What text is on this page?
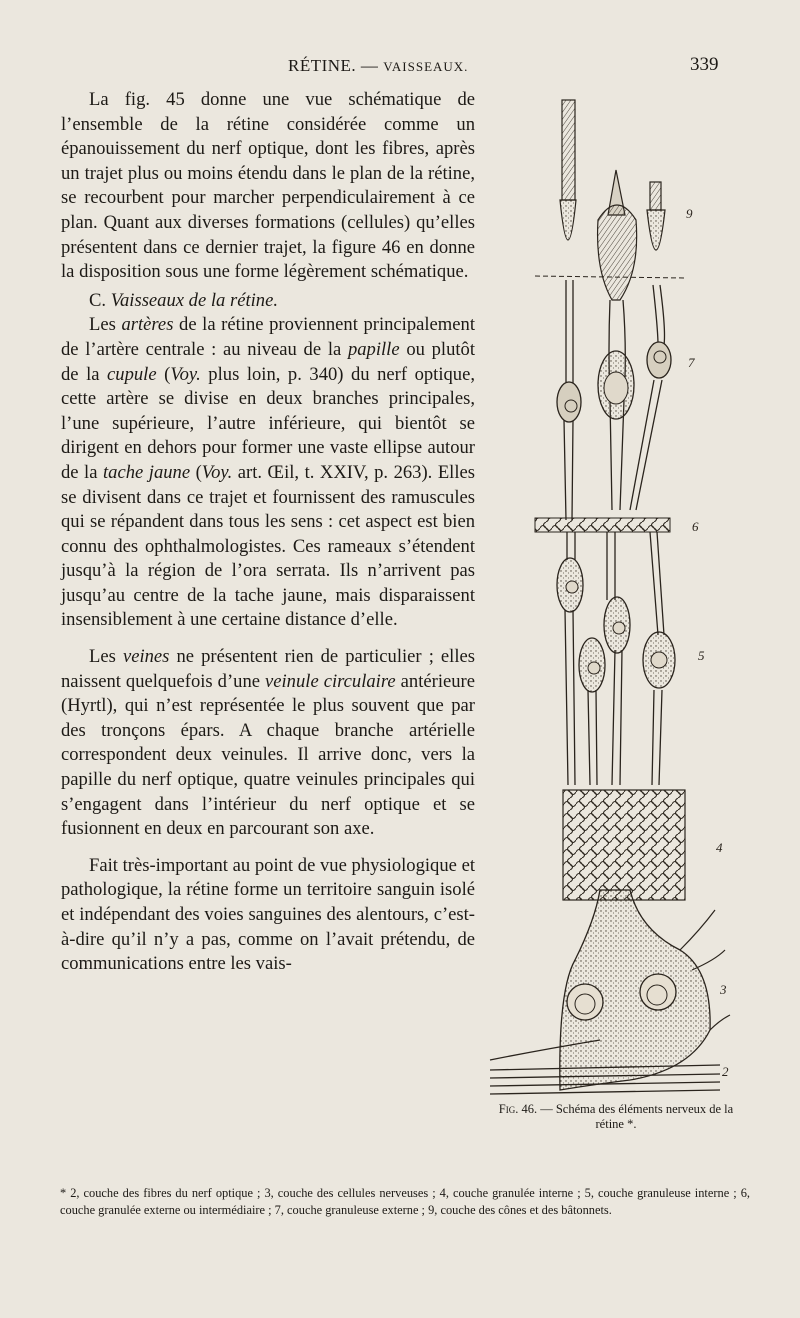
RÉTINE. — VAISSEAUX.	339

La fig. 45 donne une vue schématique de l’ensemble de la rétine considérée comme un épanouissement du nerf optique, dont les fibres, après un trajet plus ou moins étendu dans le plan de la rétine, se recourbent pour marcher perpendiculairement à ce plan. Quant aux diverses formations (cellules) qu’elles présentent dans ce dernier trajet, la figure 46 en donne la disposition sous une forme légèrement schématique.

C. Vaisseaux de la rétine.

Les artères de la rétine proviennent principalement de l’artère centrale : au niveau de la papille ou plutôt de la cupule (Voy. plus loin, p. 340) du nerf optique, cette artère se divise en deux branches principales, l’une supérieure, l’autre inférieure, qui bientôt se dirigent en dehors pour former une vaste ellipse autour de la tache jaune (Voy. art. Œil, t. XXIV, p. 263). Elles se divisent dans ce trajet et fournissent des ramuscules qui se répandent dans tous les sens : cet aspect est bien connu des ophthalmologistes. Ces rameaux s’étendent jusqu’à la région de l’ora serrata. Ils n’arrivent pas jusqu’au centre de la tache jaune, mais disparaissent insensiblement à une certaine distance d’elle.

Les veines ne présentent rien de particulier ; elles naissent quelquefois d’une veinule circulaire antérieure (Hyrtl), qui n’est représentée le plus souvent que par des tronçons épars. A chaque branche artérielle correspondent deux veinules. Il arrive donc, vers la papille du nerf optique, quatre veinules principales qui s’engagent dans l’intérieur du nerf optique et se fusionnent en deux en parcourant son axe.

Fait très-important au point de vue physiologique et pathologique, la rétine forme un territoire sanguin isolé et indépendant des voies sanguines des alentours, c’est-à-dire qu’il n’y a pas, comme on l’avait prétendu, de communications entre les vais-

9
7
6
5
4
3
2
Fig. 46. — Schéma des éléments nerveux de la rétine *.
* 2, couche des fibres du nerf optique ; 3, couche des cellules nerveuses ; 4, couche granulée interne ; 5, couche granuleuse interne ; 6, couche granulée externe ou intermédiaire ; 7, couche granuleuse externe ; 9, couche des cônes et des bâtonnets.
